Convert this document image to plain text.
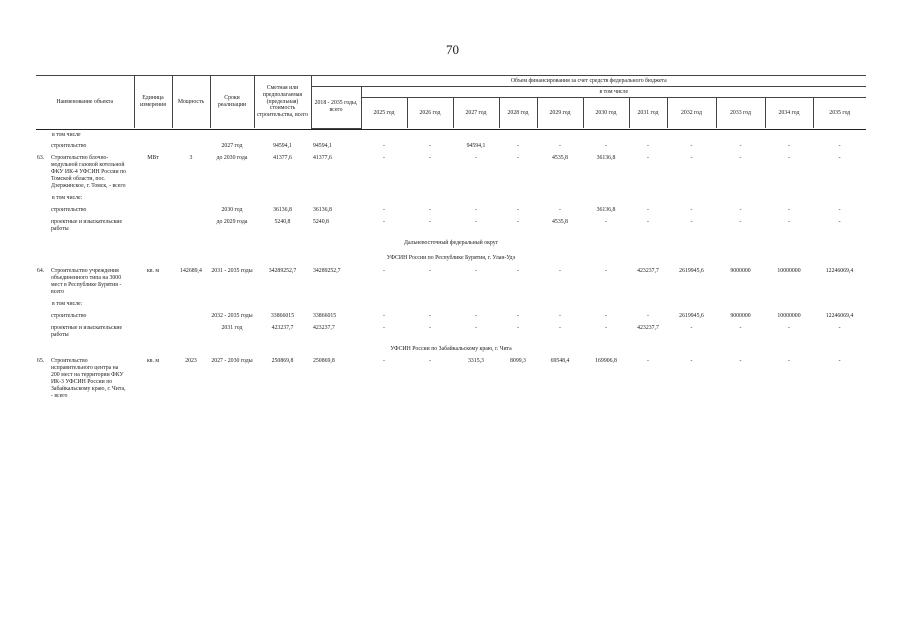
70
Наименование объекта	Единица измерения	Мощность	Сроки реализации	Сметная или предполагаемая (предельная) стоимость строительства, всего	Объем финансирования за счет средств федерального бюджета											
					2018 - 2035 годы, всего	в том числе										
						2025 год	2026 год	2027 год	2028 год	2029 год	2030 год	2031 год	2032 год	2033 год	2034 год	2035 год

в том числе																
строительство			2027 год	94594,1	94594,1	-	-	94594,1	-	-	-	-	-	-	-	-
63. Строительство блочно-модульной газовой котельной ФКУ ИК-4 УФСИН России по Томской области, пос. Дзержинское, г. Томск, - всего	МВт	3	до 2030 года	41377,6	41377,6	-	-	-	-	4535,8	36136,8	-	-	-	-	-
в том числе:																
строительство			2030 год	36136,8	36136,8	-	-	-	-	-	36136,8	-	-	-	-	-
проектные и изыскательские работы			до 2029 года	5240,8	5240,8	-	-	-	-	4535,8	-	-	-	-	-	-
Дальневосточный федеральный округ																
УФСИН России по Республике Бурятия, г. Улан-Удэ																
64. Строительство учреждения объединенного типа на 3000 мест в Республике Бурятия - всего	кв. м	142689,4	2031 - 2035 годы	34289252,7	34289252,7	-	-	-	-	-	-	423237,7	2619945,6	9000000	10000000	12246069,4
в том числе:																
строительство			2032 - 2035 годы	33866015	33866015	-	-	-	-	-	-	-	2619945,6	9000000	10000000	12246069,4
проектные и изыскательские работы			2031 год	423237,7	423237,7	-	-	-	-	-	-	423237,7	-	-	-	-
УФСИН России по Забайкальскому краю, г. Чита																
65. Строительство исправительного центра на 200 мест на территории ФКУ ИК-3 УФСИН России по Забайкальскому краю, г. Чита, - всего	кв. м	2023	2027 - 2030 годы	250869,8	250869,8	-	-	3315,3	8099,3	69548,4	169906,8	-	-	-	-	-
